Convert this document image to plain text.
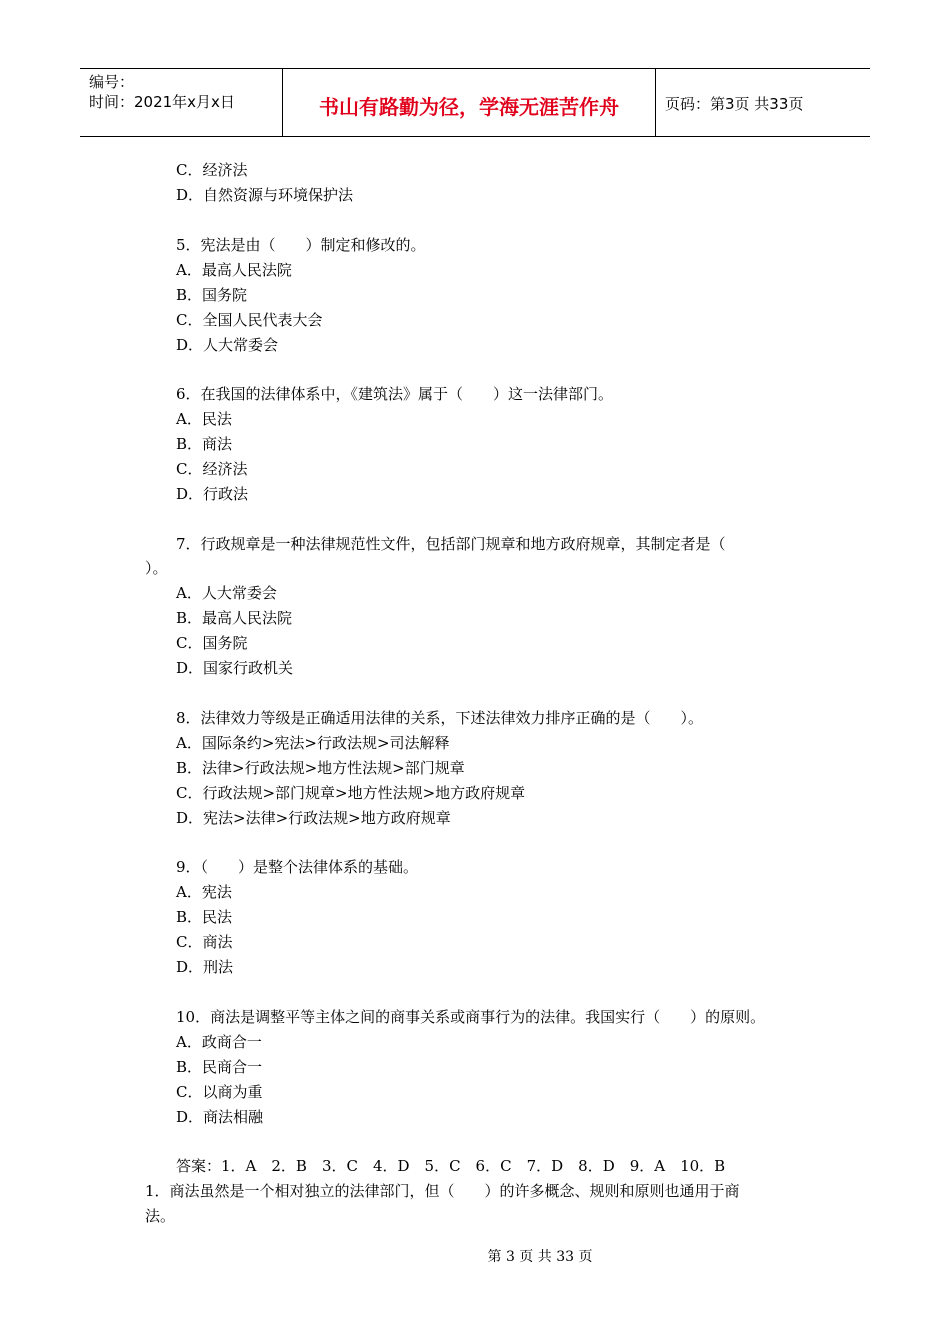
编号：
时间：2021年x月x日	书山有路勤为径，学海无涯苦作舟	页码：第3页 共33页
C．经济法
D．自然资源与环境保护法
5．宪法是由（　　）制定和修改的。
A．最高人民法院
B．国务院
C．全国人民代表大会
D．人大常委会
6．在我国的法律体系中，《建筑法》属于（　　）这一法律部门。
A．民法
B．商法
C．经济法
D．行政法
7．行政规章是一种法律规范性文件，包括部门规章和地方政府规章，其制定者是（
）。
A．人大常委会
B．最高人民法院
C．国务院
D．国家行政机关
8．法律效力等级是正确适用法律的关系，下述法律效力排序正确的是（　　）。
A．国际条约>宪法>行政法规>司法解释
B．法律>行政法规>地方性法规>部门规章
C．行政法规>部门规章>地方性法规>地方政府规章
D．宪法>法律>行政法规>地方政府规章
9．（　　）是整个法律体系的基础。
A．宪法
B．民法
C．商法
D．刑法
10．商法是调整平等主体之间的商事关系或商事行为的法律。我国实行（　　）的原则。
A．政商合一
B．民商合一
C．以商为重
D．商法相融
答案：1．A　2．B　3．C　4．D　5．C　6．C　7．D　8．D　9．A　10．B
1．商法虽然是一个相对独立的法律部门，但（　　）的许多概念、规则和原则也通用于商
法。
第 3 页 共 33 页
